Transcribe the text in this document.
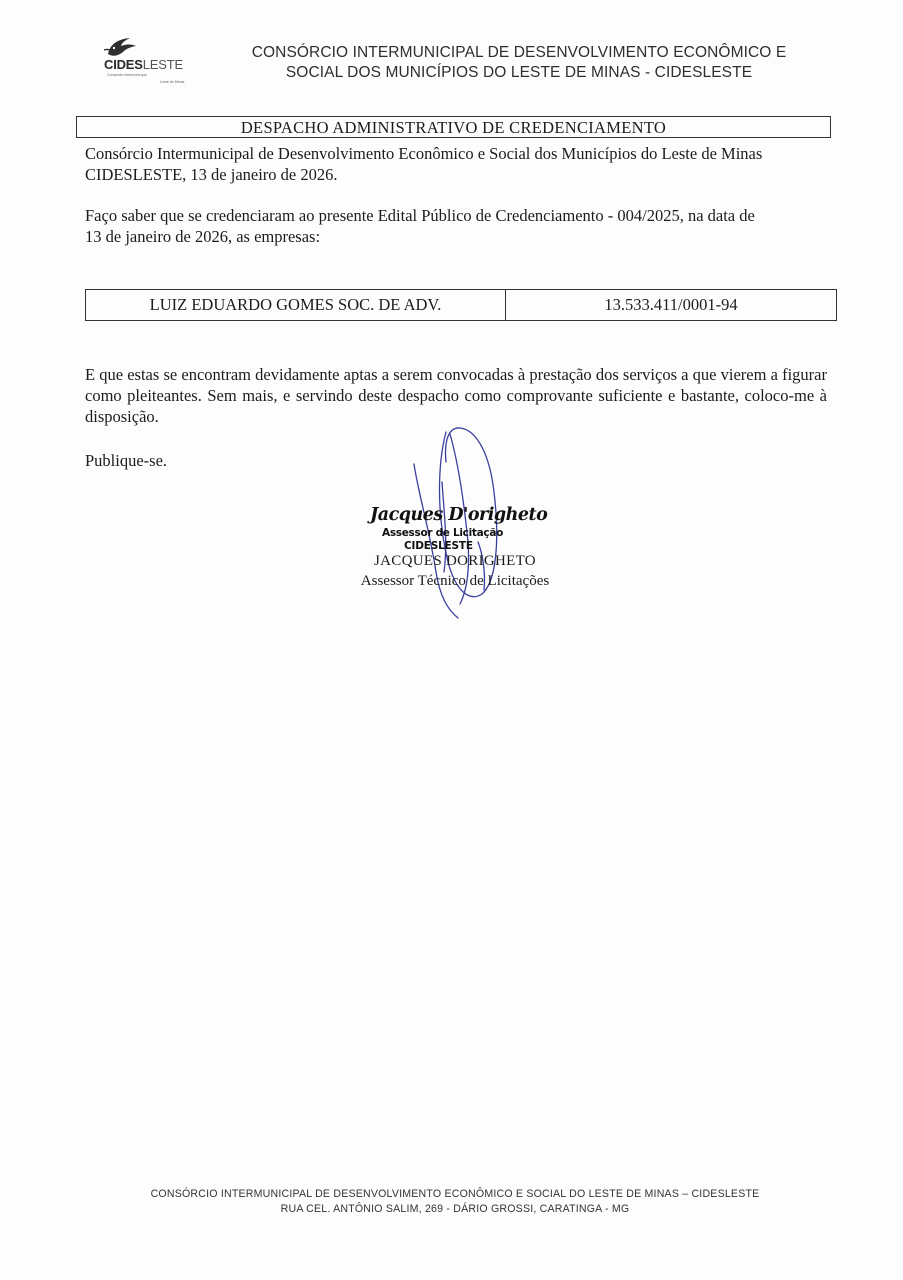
CIDESLESTE
Consórcio Intermunicipal
Leste de Minas
CONSÓRCIO INTERMUNICIPAL DE DESENVOLVIMENTO ECONÔMICO E
SOCIAL DOS MUNICÍPIOS DO LESTE DE MINAS - CIDESLESTE
DESPACHO ADMINISTRATIVO DE CREDENCIAMENTO
Consórcio Intermunicipal de Desenvolvimento Econômico e Social dos Municípios do Leste de Minas
CIDESLESTE, 13 de janeiro de 2026.
Faço saber que se credenciaram ao presente Edital Público de Credenciamento - 004/2025, na data de
13 de janeiro de 2026, as empresas:
LUIZ EDUARDO GOMES SOC. DE ADV.	13.533.411/0001-94
E que estas se encontram devidamente aptas a serem convocadas à prestação dos serviços a que vierem a figurar como pleiteantes. Sem mais, e servindo deste despacho como comprovante suficiente e bastante, coloco-me à disposição.
Publique-se.
Jacques D'origheto
Assessor de Licitação
CIDESLESTE
JACQUES DORIGHETO
Assessor Técnico de Licitações
CONSÓRCIO INTERMUNICIPAL DE DESENVOLVIMENTO ECONÔMICO E SOCIAL DO LESTE DE MINAS – CIDESLESTE
RUA CEL. ANTÔNIO SALIM, 269 - DÁRIO GROSSI, CARATINGA - MG
